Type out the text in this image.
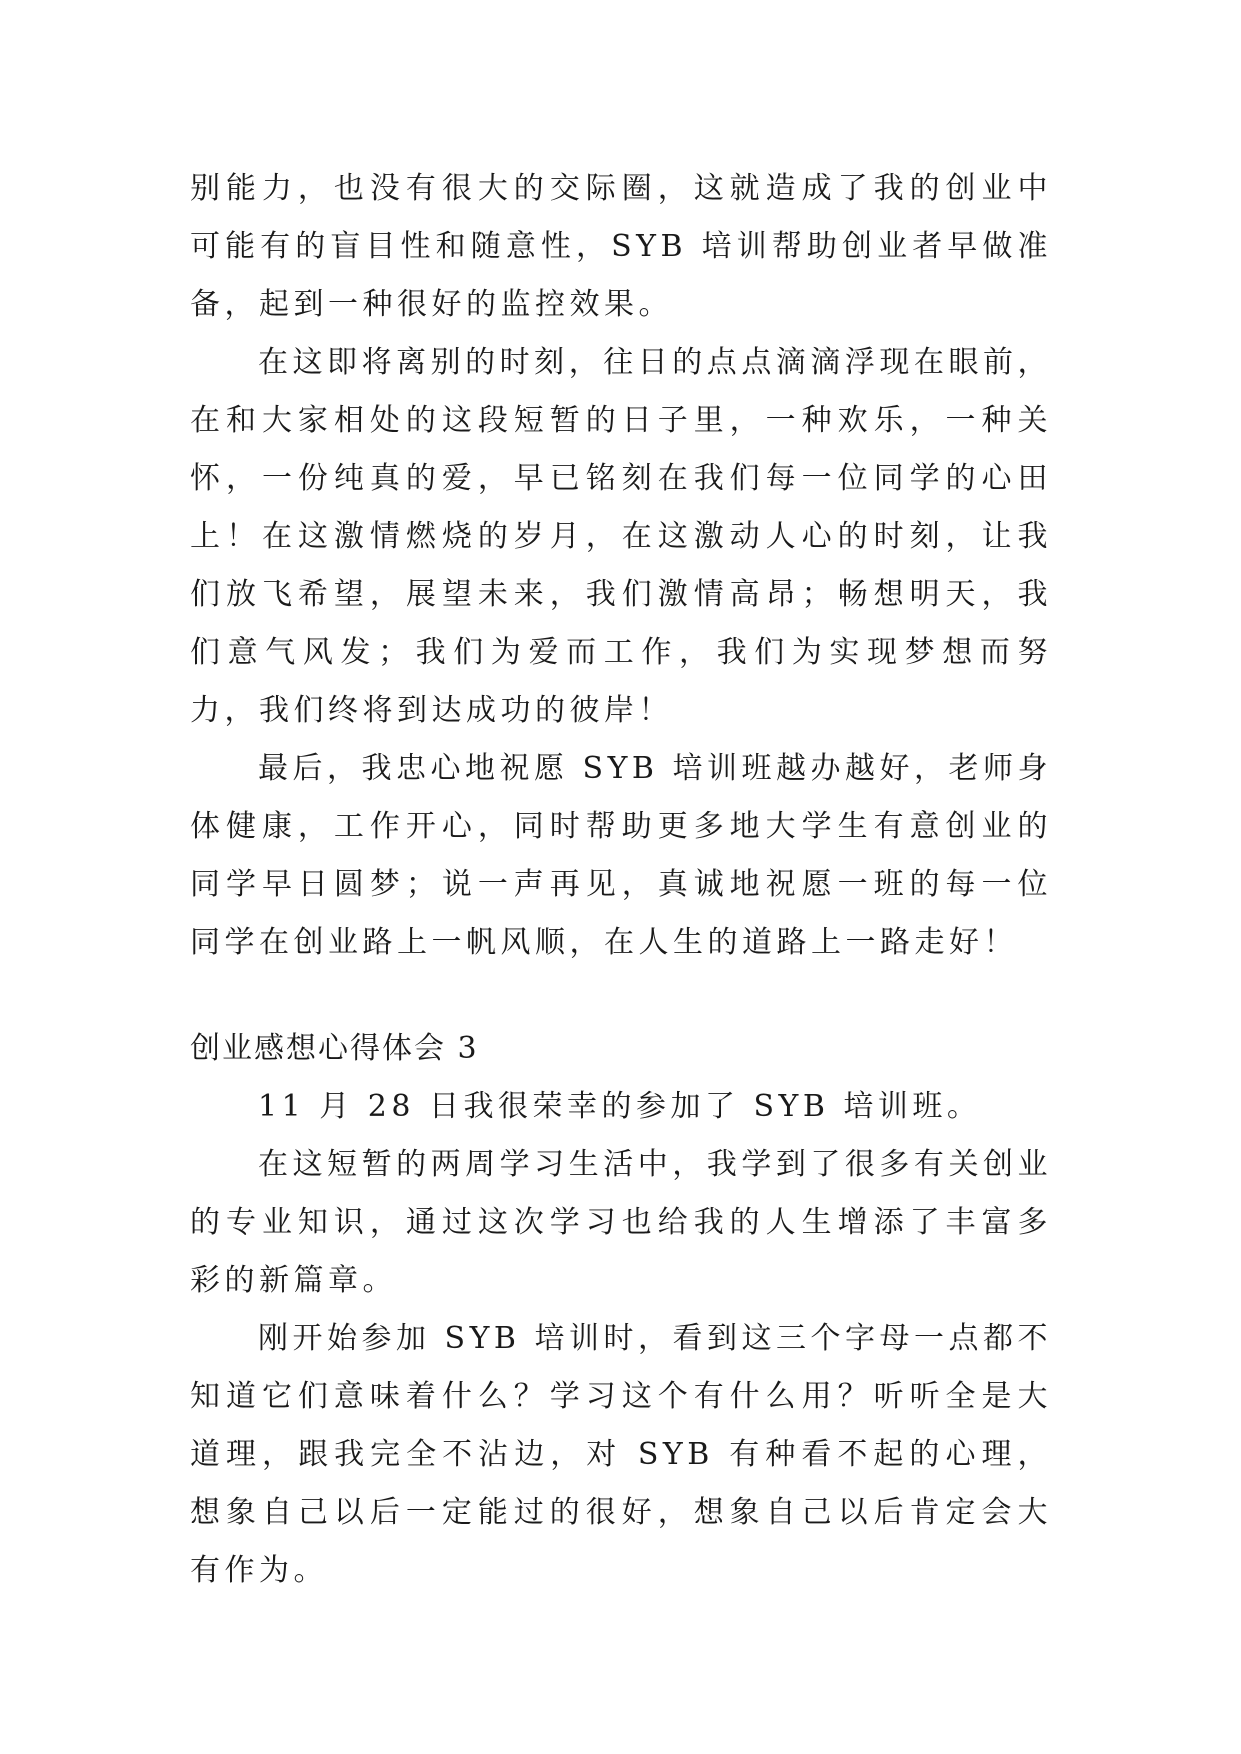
别能力，也没有很大的交际圈，这就造成了我的创业中可能有的盲目性和随意性，SYB 培训帮助创业者早做准备，起到一种很好的监控效果。

在这即将离别的时刻，往日的点点滴滴浮现在眼前，在和大家相处的这段短暂的日子里，一种欢乐，一种关怀，一份纯真的爱，早已铭刻在我们每一位同学的心田上！在这激情燃烧的岁月，在这激动人心的时刻，让我们放飞希望，展望未来，我们激情高昂；畅想明天，我们意气风发；我们为爱而工作，我们为实现梦想而努力，我们终将到达成功的彼岸！

最后，我忠心地祝愿 SYB 培训班越办越好，老师身体健康，工作开心，同时帮助更多地大学生有意创业的同学早日圆梦；说一声再见，真诚地祝愿一班的每一位同学在创业路上一帆风顺，在人生的道路上一路走好！

创业感想心得体会 3

11 月 28 日我很荣幸的参加了 SYB 培训班。

在这短暂的两周学习生活中，我学到了很多有关创业的专业知识，通过这次学习也给我的人生增添了丰富多彩的新篇章。

刚开始参加 SYB 培训时，看到这三个字母一点都不知道它们意味着什么？学习这个有什么用？听听全是大道理，跟我完全不沾边，对 SYB 有种看不起的心理，想象自己以后一定能过的很好，想象自己以后肯定会大有作为。
